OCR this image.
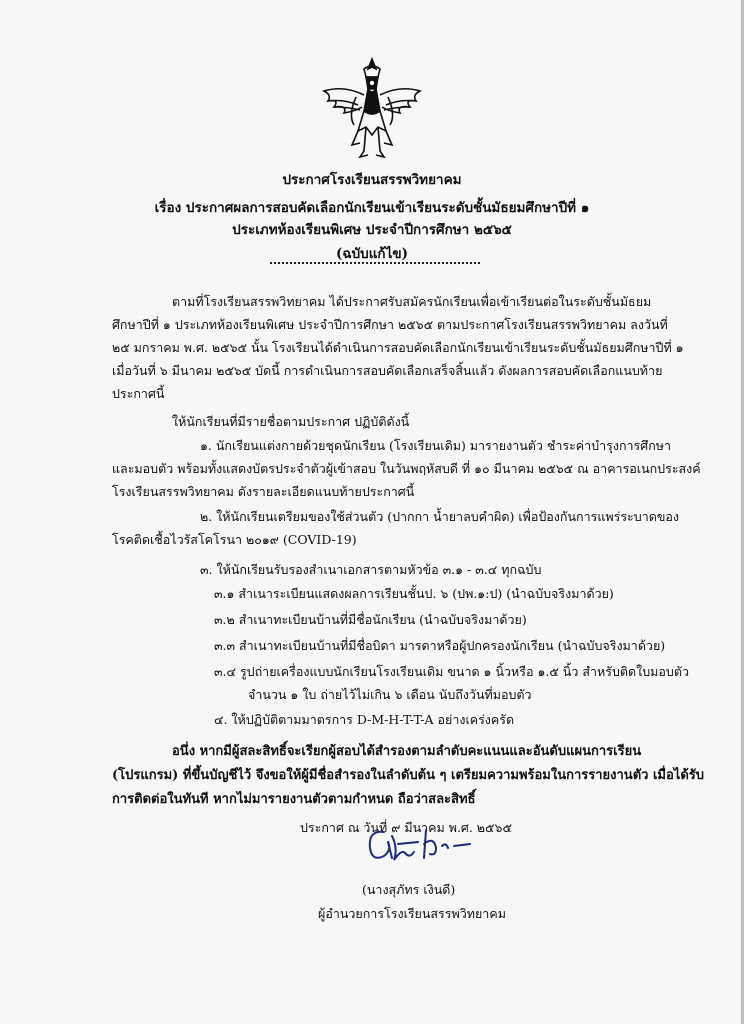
ประกาศโรงเรียนสรรพวิทยาคม
เรื่อง ประกาศผลการสอบคัดเลือกนักเรียนเข้าเรียนระดับชั้นมัธยมศึกษาปีที่ ๑
ประเภทห้องเรียนพิเศษ ประจำปีการศึกษา ๒๕๖๕
(ฉบับแก้ไข)
ตามที่โรงเรียนสรรพวิทยาคม ได้ประกาศรับสมัครนักเรียนเพื่อเข้าเรียนต่อในระดับชั้นมัธยม
ศึกษาปีที่ ๑ ประเภทห้องเรียนพิเศษ ประจำปีการศึกษา ๒๕๖๕ ตามประกาศโรงเรียนสรรพวิทยาคม ลงวันที่
๒๕ มกราคม พ.ศ. ๒๕๖๕ นั้น โรงเรียนได้ดำเนินการสอบคัดเลือกนักเรียนเข้าเรียนระดับชั้นมัธยมศึกษาปีที่ ๑
เมื่อวันที่ ๖ มีนาคม ๒๕๖๕ บัดนี้ การดำเนินการสอบคัดเลือกเสร็จสิ้นแล้ว ดังผลการสอบคัดเลือกแนบท้าย
ประกาศนี้
ให้นักเรียนที่มีรายชื่อตามประกาศ ปฏิบัติดังนี้
๑. นักเรียนแต่งกายด้วยชุดนักเรียน (โรงเรียนเดิม) มารายงานตัว ชำระค่าบำรุงการศึกษา
และมอบตัว พร้อมทั้งแสดงบัตรประจำตัวผู้เข้าสอบ ในวันพฤหัสบดี ที่ ๑๐ มีนาคม ๒๕๖๕ ณ อาคารอเนกประสงค์
โรงเรียนสรรพวิทยาคม ดังรายละเอียดแนบท้ายประกาศนี้
๒. ให้นักเรียนเตรียมของใช้ส่วนตัว (ปากกา น้ำยาลบคำผิด) เพื่อป้องกันการแพร่ระบาดของ
โรคติดเชื้อไวรัสโคโรนา ๒๐๑๙ (COVID-19)
๓. ให้นักเรียนรับรองสำเนาเอกสารตามหัวข้อ ๓.๑ - ๓.๔ ทุกฉบับ
๓.๑ สำเนาระเบียนแสดงผลการเรียนชั้นป. ๖ (ปพ.๑:ป) (นำฉบับจริงมาด้วย)
๓.๒ สำเนาทะเบียนบ้านที่มีชื่อนักเรียน (นำฉบับจริงมาด้วย)
๓.๓ สำเนาทะเบียนบ้านที่มีชื่อบิดา มารดาหรือผู้ปกครองนักเรียน (นำฉบับจริงมาด้วย)
๓.๔ รูปถ่ายเครื่องแบบนักเรียนโรงเรียนเดิม ขนาด ๑ นิ้วหรือ ๑.๕ นิ้ว สำหรับติดใบมอบตัว
จำนวน ๑ ใบ ถ่ายไว้ไม่เกิน ๖ เดือน นับถึงวันที่มอบตัว
๔. ให้ปฏิบัติตามมาตรการ D-M-H-T-T-A อย่างเคร่งครัด
อนึ่ง หากมีผู้สละสิทธิ์จะเรียกผู้สอบได้สำรองตามลำดับคะแนนและอันดับแผนการเรียน
(โปรแกรม) ที่ขึ้นบัญชีไว้ จึงขอให้ผู้มีชื่อสำรองในลำดับต้น ๆ เตรียมความพร้อมในการรายงานตัว เมื่อได้รับ
การติดต่อในทันที หากไม่มารายงานตัวตามกำหนด ถือว่าสละสิทธิ์
ประกาศ ณ วันที่ ๙ มีนาคม พ.ศ. ๒๕๖๕
(นางสุภัทร เงินดี)
ผู้อำนวยการโรงเรียนสรรพวิทยาคม
